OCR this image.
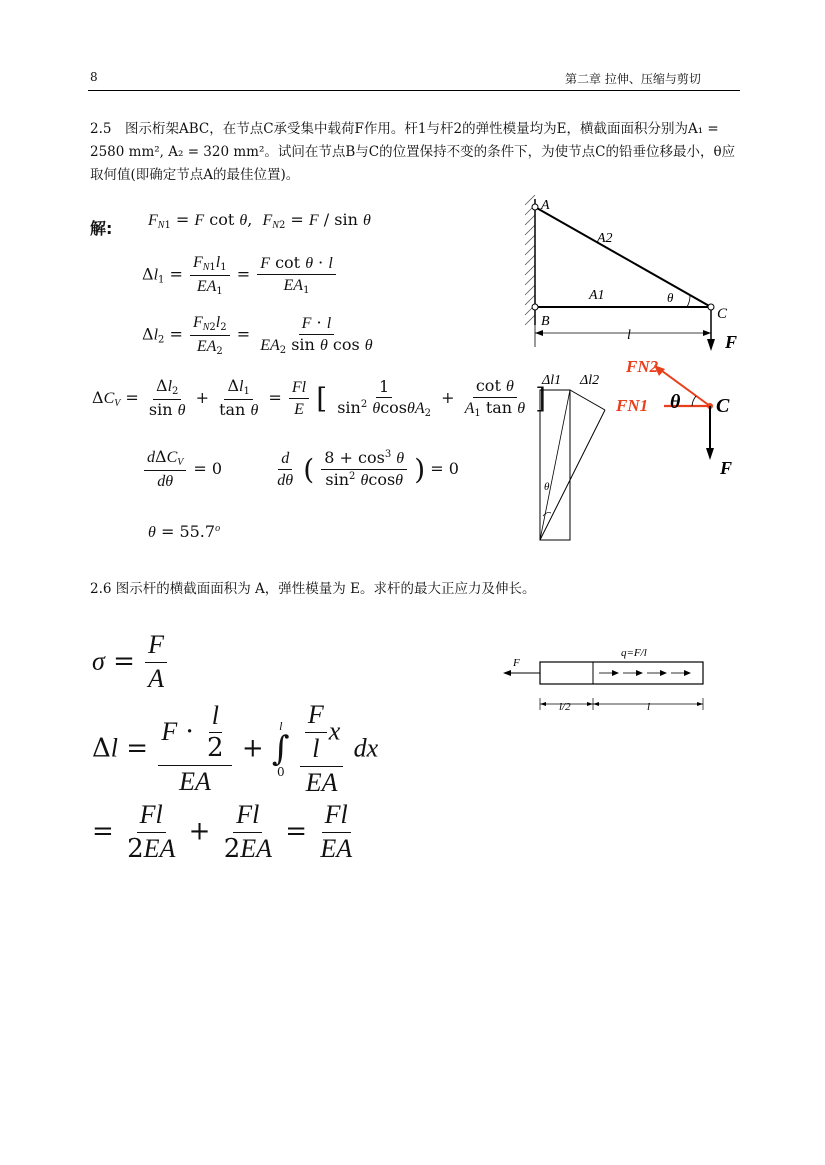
8	第二章 拉伸、压缩与剪切

2.5　图示桁架ABC，在节点C承受集中载荷F作用。杆1与杆2的弹性模量均为E，横截面面积分别为A₁ = 2580 mm², A₂ = 320 mm²。试问在节点B与C的位置保持不变的条件下，为使节点C的铅垂位移最小，θ应取何值(即确定节点A的最佳位置)。

解: $F_{N1} = F$ cot θ,  $F_{N2} = F / \sin \theta$
$\Delta l_1 = \frac{F_{N1}l_1}{EA_1} = \frac{\text{F cot θ · l}}{EA_1}$
$\Delta l_2 = \frac{F_{N2}l_2}{EA_2} = \frac{F \cdot l}{EA_2 \sin \theta \cos \theta}$
$\Delta C_V = \frac{\Delta l_2}{\text{sin θ}} + \frac{\Delta l_1}{\text{tan θ}} = \frac{Fl}{E}$ [ $\frac{1}{\sin^2 \theta\cos\theta A_2} + \frac{\text{cot θ}}{A_1 \tan \theta}$ ]
$\frac{d\Delta C_V}{d\theta} = 0$	$\frac{d}{d\theta}$ ( $\frac{8 + \cos^3 \theta}{\sin^2 \theta\cos\theta}$ ) = 0
$\theta = 55.7^o$
A
A2
A1	θ
B	C
l	F
Δl1 Δl2
θ
FN2
FN1 θ C
F

2.6 图示杆的横截面面积为 A，弹性模量为 E。求杆的最大正应力及伸长。

$\sigma = \frac{F}{A}$
$\Delta l = \frac{F \cdot \frac{l}{2}}{EA}$ +
l
∫
0
$\frac{\frac{F}{l} x}{EA}$ dx
= $\frac{Fl}{2EA} + \frac{Fl}{2EA} = \frac{Fl}{EA}$
F
q=F/l
l/2	l
